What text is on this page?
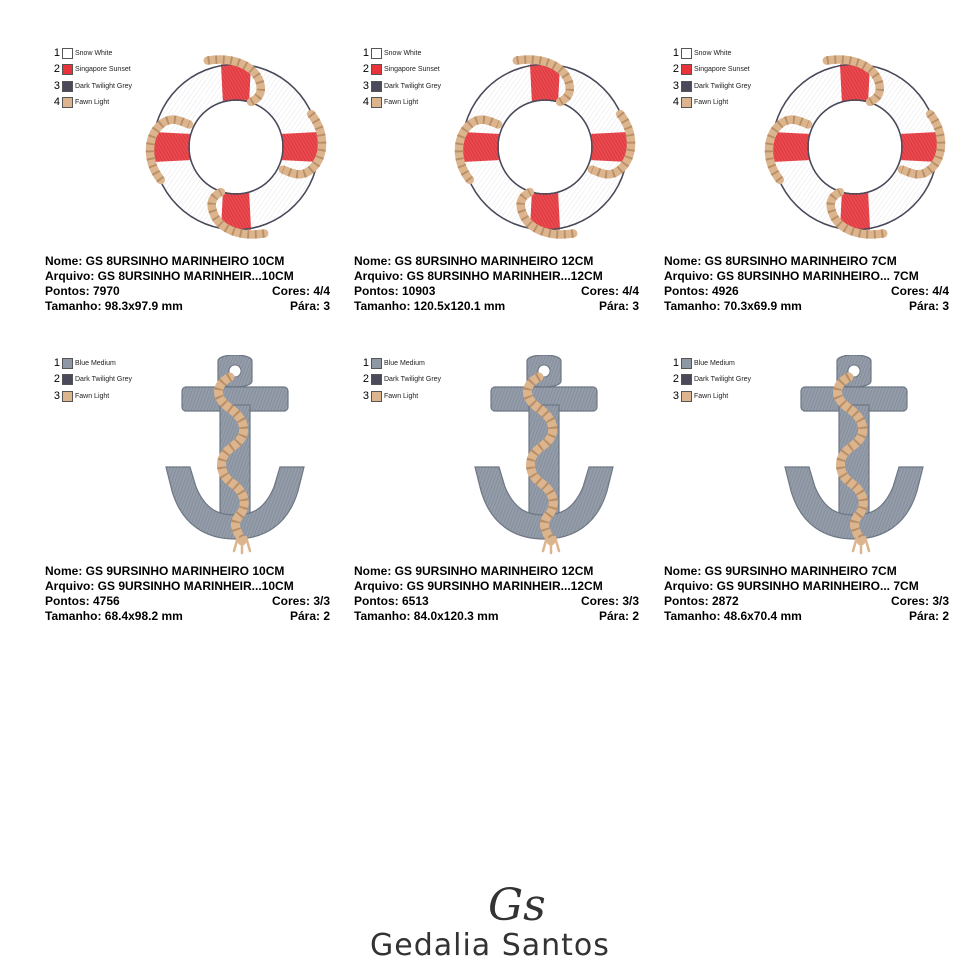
1 Snow White
2 Singapore Sunset
3 Dark Twilight Grey
4 Fawn Light
Nome: GS 8URSINHO MARINHEIRO 10CM
Arquivo: GS 8URSINHO MARINHEIR...10CM
Pontos: 7970	Cores: 4/4
Tamanho: 98.3x97.9 mm	Pára: 3
1 Snow White
2 Singapore Sunset
3 Dark Twilight Grey
4 Fawn Light
Nome: GS 8URSINHO MARINHEIRO 12CM
Arquivo: GS 8URSINHO MARINHEIR...12CM
Pontos: 10903	Cores: 4/4
Tamanho: 120.5x120.1 mm	Pára: 3
1 Snow White
2 Singapore Sunset
3 Dark Twilight Grey
4 Fawn Light
Nome: GS 8URSINHO MARINHEIRO 7CM
Arquivo: GS 8URSINHO MARINHEIRO... 7CM
Pontos: 4926	Cores: 4/4
Tamanho: 70.3x69.9 mm	Pára: 3
1 Blue Medium
2 Dark Twilight Grey
3 Fawn Light
Nome: GS 9URSINHO MARINHEIRO 10CM
Arquivo: GS 9URSINHO MARINHEIR...10CM
Pontos: 4756	Cores: 3/3
Tamanho: 68.4x98.2 mm	Pára: 2
1 Blue Medium
2 Dark Twilight Grey
3 Fawn Light
Nome: GS 9URSINHO MARINHEIRO 12CM
Arquivo: GS 9URSINHO MARINHEIR...12CM
Pontos: 6513	Cores: 3/3
Tamanho: 84.0x120.3 mm	Pára: 2
1 Blue Medium
2 Dark Twilight Grey
3 Fawn Light
Nome: GS 9URSINHO MARINHEIRO 7CM
Arquivo: GS 9URSINHO MARINHEIRO... 7CM
Pontos: 2872	Cores: 3/3
Tamanho: 48.6x70.4 mm	Pára: 2
Gs
Gedalia Santos
